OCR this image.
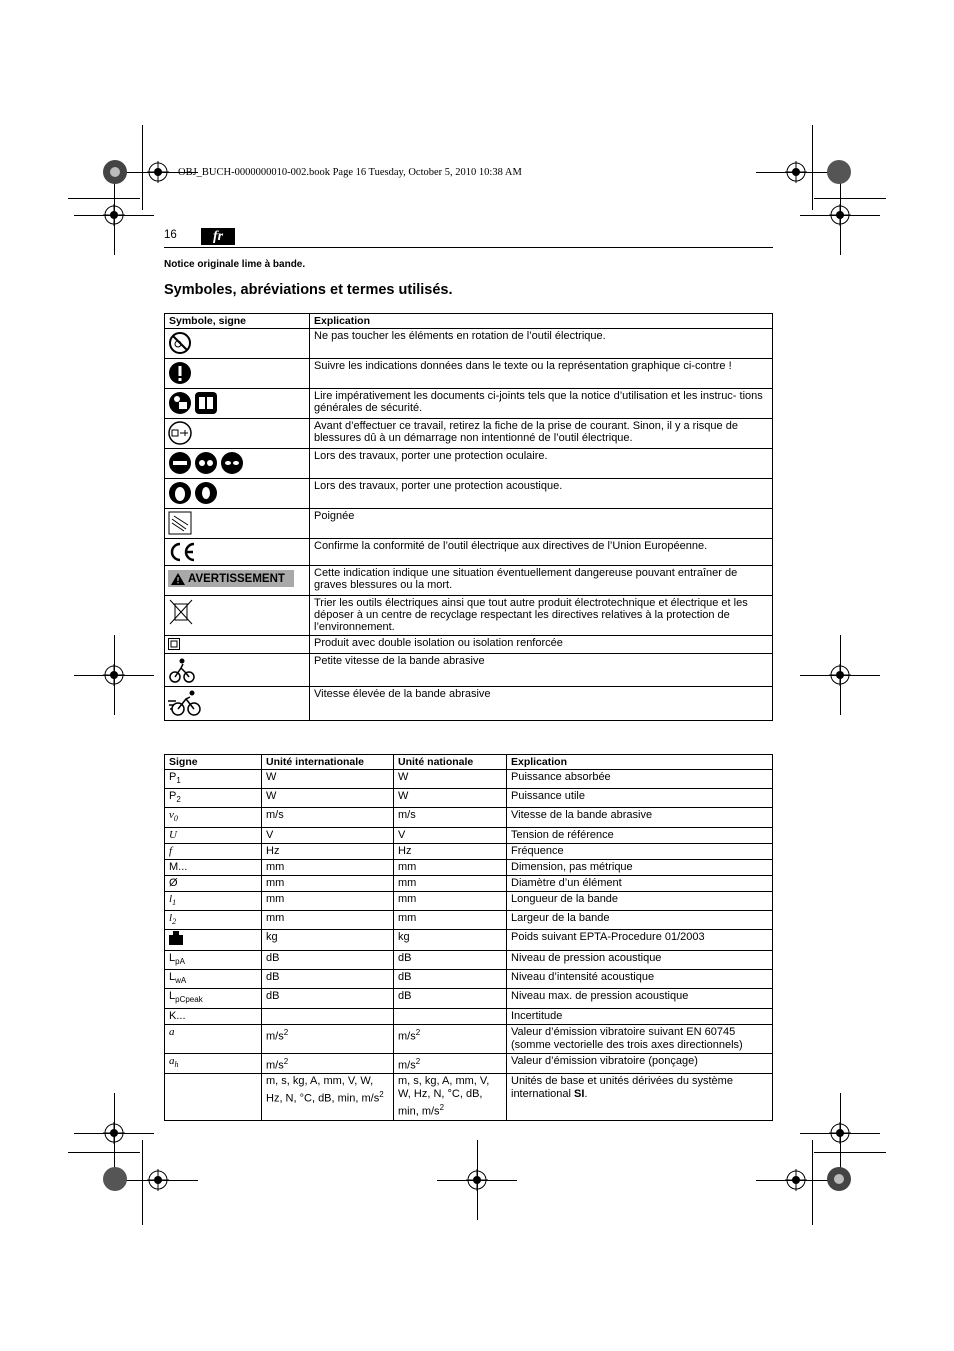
OBJ_BUCH-0000000010-002.book Page 16 Tuesday, October 5, 2010 10:38 AM
16	fr
Notice originale lime à bande.
Symboles, abréviations et termes utilisés.
Symbole, signe	Explication
	Ne pas toucher les éléments en rotation de l’outil électrique.
	Suivre les indications données dans le texte ou la représentation graphique ci-contre !
	Lire impérativement les documents ci-joints tels que la notice d’utilisation et les instruc- tions générales de sécurité.
	Avant d’effectuer ce travail, retirez la fiche de la prise de courant. Sinon, il y a risque de blessures dû à un démarrage non intentionné de l’outil électrique.
	Lors des travaux, porter une protection oculaire.
	Lors des travaux, porter une protection acoustique.
	Poignée
	Confirme la conformité de l’outil électrique aux directives de l’Union Européenne.

AVERTISSEMENT	Cette indication indique une situation éventuellement dangereuse pouvant entraîner de graves blessures ou la mort.
	Trier les outils électriques ainsi que tout autre produit électrotechnique et électrique et les déposer à un centre de recyclage respectant les directives relatives à la protection de l’environnement.
	Produit avec double isolation ou isolation renforcée
	Petite vitesse de la bande abrasive
	Vitesse élevée de la bande abrasive
Signe	Unité internationale	Unité nationale	Explication
$P_1$	W	W	Puissance absorbée
$P_2$	W	W	Puissance utile
$v_0$	m/s	m/s	Vitesse de la bande abrasive
U	V	V	Tension de référence
f	Hz	Hz	Fréquence
M...	mm	mm	Dimension, pas métrique
Ø	mm	mm	Diamètre d’un élément
$l_1$	mm	mm	Longueur de la bande
$l_2$	mm	mm	Largeur de la bande
	kg	kg	Poids suivant EPTA-Procedure 01/2003
$L_{pA}$	dB	dB	Niveau de pression acoustique
$L_{wA}$	dB	dB	Niveau d’intensité acoustique
$L_{pCpeak}$	dB	dB	Niveau max. de pression acoustique
K...			Incertitude
a	$m/s^2$	$m/s^2$	Valeur d’émission vibratoire suivant EN 60745 (somme vectorielle des trois axes directionnels)
$a_h$	$m/s^2$	$m/s^2$	Valeur d’émission vibratoire (ponçage)
	m, s, kg, A, mm, V, W, Hz, N, °C, dB, min, $m/s^2$	m, s, kg, A, mm, V, W, Hz, N, °C, dB, min, $m/s^2$	Unités de base et unités dérivées du système international SI.
